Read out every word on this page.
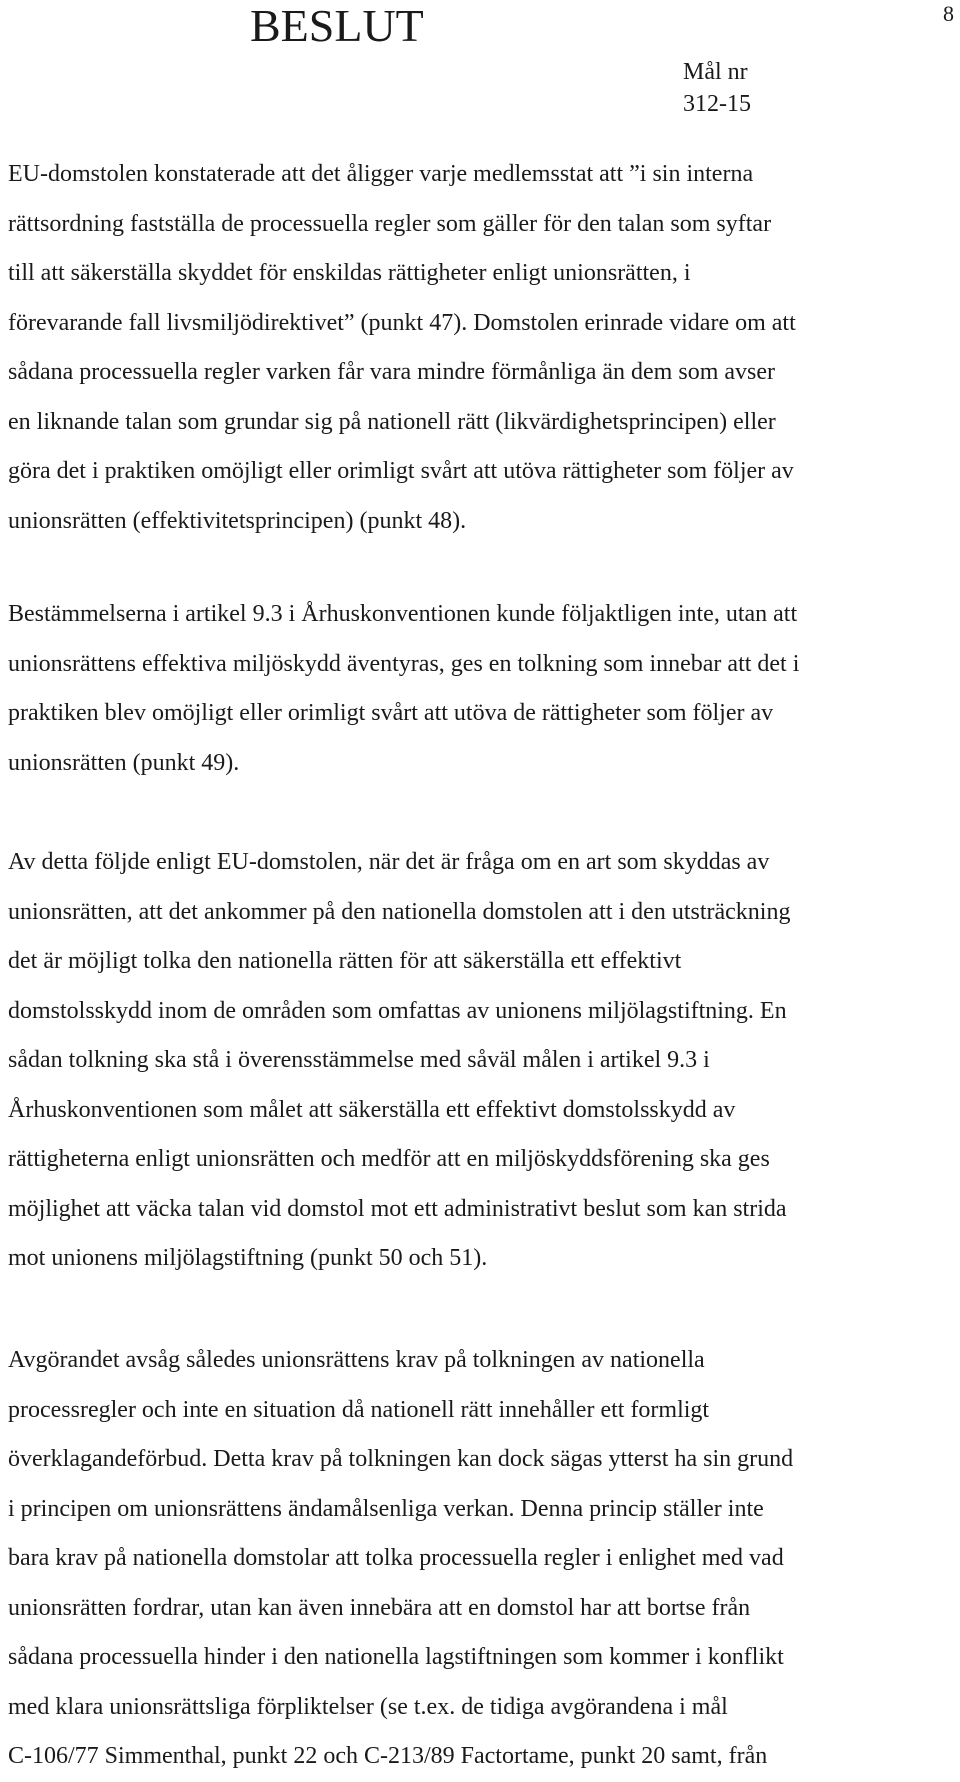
BESLUT	8
Mål nr
312-15
EU-domstolen konstaterade att det åligger varje medlemsstat att ”i sin interna
rättsordning fastställa de processuella regler som gäller för den talan som syftar
till att säkerställa skyddet för enskildas rättigheter enligt unionsrätten, i
förevarande fall livsmiljödirektivet” (punkt 47). Domstolen erinrade vidare om att
sådana processuella regler varken får vara mindre förmånliga än dem som avser
en liknande talan som grundar sig på nationell rätt (likvärdighetsprincipen) eller
göra det i praktiken omöjligt eller orimligt svårt att utöva rättigheter som följer av
unionsrätten (effektivitetsprincipen) (punkt 48).
Bestämmelserna i artikel 9.3 i Århuskonventionen kunde följaktligen inte, utan att
unionsrättens effektiva miljöskydd äventyras, ges en tolkning som innebar att det i
praktiken blev omöjligt eller orimligt svårt att utöva de rättigheter som följer av
unionsrätten (punkt 49).
Av detta följde enligt EU-domstolen, när det är fråga om en art som skyddas av
unionsrätten, att det ankommer på den nationella domstolen att i den utsträckning
det är möjligt tolka den nationella rätten för att säkerställa ett effektivt
domstolsskydd inom de områden som omfattas av unionens miljölagstiftning. En
sådan tolkning ska stå i överensstämmelse med såväl målen i artikel 9.3 i
Århuskonventionen som målet att säkerställa ett effektivt domstolsskydd av
rättigheterna enligt unionsrätten och medför att en miljöskyddsförening ska ges
möjlighet att väcka talan vid domstol mot ett administrativt beslut som kan strida
mot unionens miljölagstiftning (punkt 50 och 51).
Avgörandet avsåg således unionsrättens krav på tolkningen av nationella
processregler och inte en situation då nationell rätt innehåller ett formligt
överklagandeförbud. Detta krav på tolkningen kan dock sägas ytterst ha sin grund
i principen om unionsrättens ändamålsenliga verkan. Denna princip ställer inte
bara krav på nationella domstolar att tolka processuella regler i enlighet med vad
unionsrätten fordrar, utan kan även innebära att en domstol har att bortse från
sådana processuella hinder i den nationella lagstiftningen som kommer i konflikt
med klara unionsrättsliga förpliktelser (se t.ex. de tidiga avgörandena i mål
C-106/77 Simmenthal, punkt 22 och C-213/89 Factortame, punkt 20 samt, från
